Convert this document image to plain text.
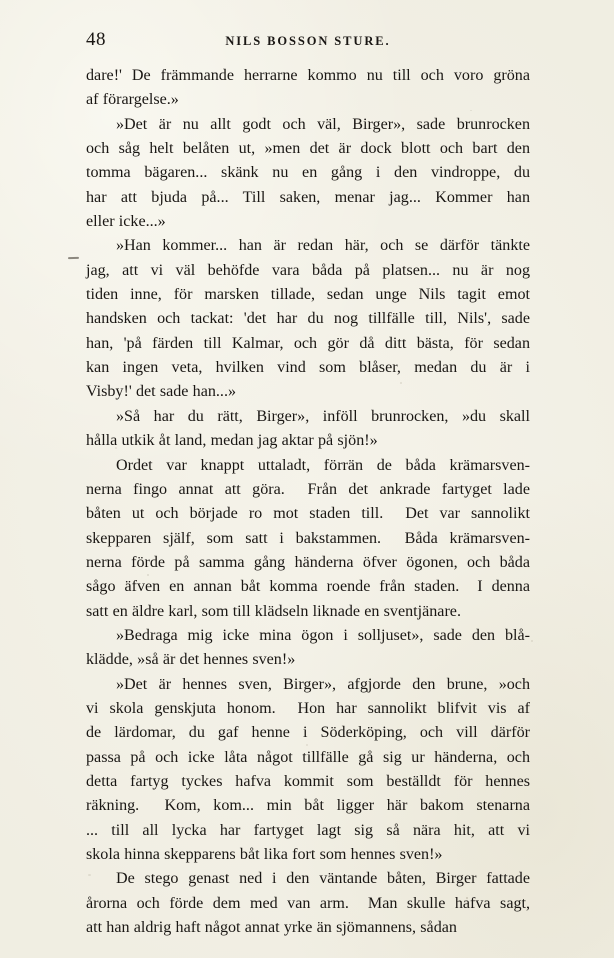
48	NILS BOSSON STURE.
dare!' De främmande herrarne kommo nu till och voro gröna
af förargelse.»
»Det är nu allt godt och väl, Birger», sade brunrocken
och såg helt belåten ut, »men det är dock blott och bart den
tomma bägaren... skänk nu en gång i den vindroppe, du
har att bjuda på... Till saken, menar jag... Kommer han
eller icke...»
»Han kommer... han är redan här, och se därför tänkte
jag, att vi väl behöfde vara båda på platsen... nu är nog
tiden inne, för marsken tillade, sedan unge Nils tagit emot
handsken och tackat: 'det har du nog tillfälle till, Nils', sade
han, 'på färden till Kalmar, och gör då ditt bästa, för sedan
kan ingen veta, hvilken vind som blåser, medan du är i
Visby!' det sade han...»
»Så har du rätt, Birger», inföll brunrocken, »du skall
hålla utkik åt land, medan jag aktar på sjön!»
Ordet var knappt uttaladt, förrän de båda krämarsven-
nerna fingo annat att göra.  Från det ankrade fartyget lade
båten ut och började ro mot staden till.  Det var sannolikt
skepparen själf, som satt i bakstammen.  Båda krämarsven-
nerna förde på samma gång händerna öfver ögonen, och båda
sågo äfven en annan båt komma roende från staden.  I denna
satt en äldre karl, som till klädseln liknade en sventjänare.
»Bedraga mig icke mina ögon i solljuset», sade den blå-
klädde, »så är det hennes sven!»
»Det är hennes sven, Birger», afgjorde den brune, »och
vi skola genskjuta honom.  Hon har sannolikt blifvit vis af
de lärdomar, du gaf henne i Söderköping, och vill därför
passa på och icke låta något tillfälle gå sig ur händerna, och
detta fartyg tyckes hafva kommit som beställdt för hennes
räkning.  Kom, kom... min båt ligger här bakom stenarna
... till all lycka har fartyget lagt sig så nära hit, att vi
skola hinna skepparens båt lika fort som hennes sven!»
De stego genast ned i den väntande båten, Birger fattade
årorna och förde dem med van arm.  Man skulle hafva sagt,
att han aldrig haft något annat yrke än sjömannens, sådan
